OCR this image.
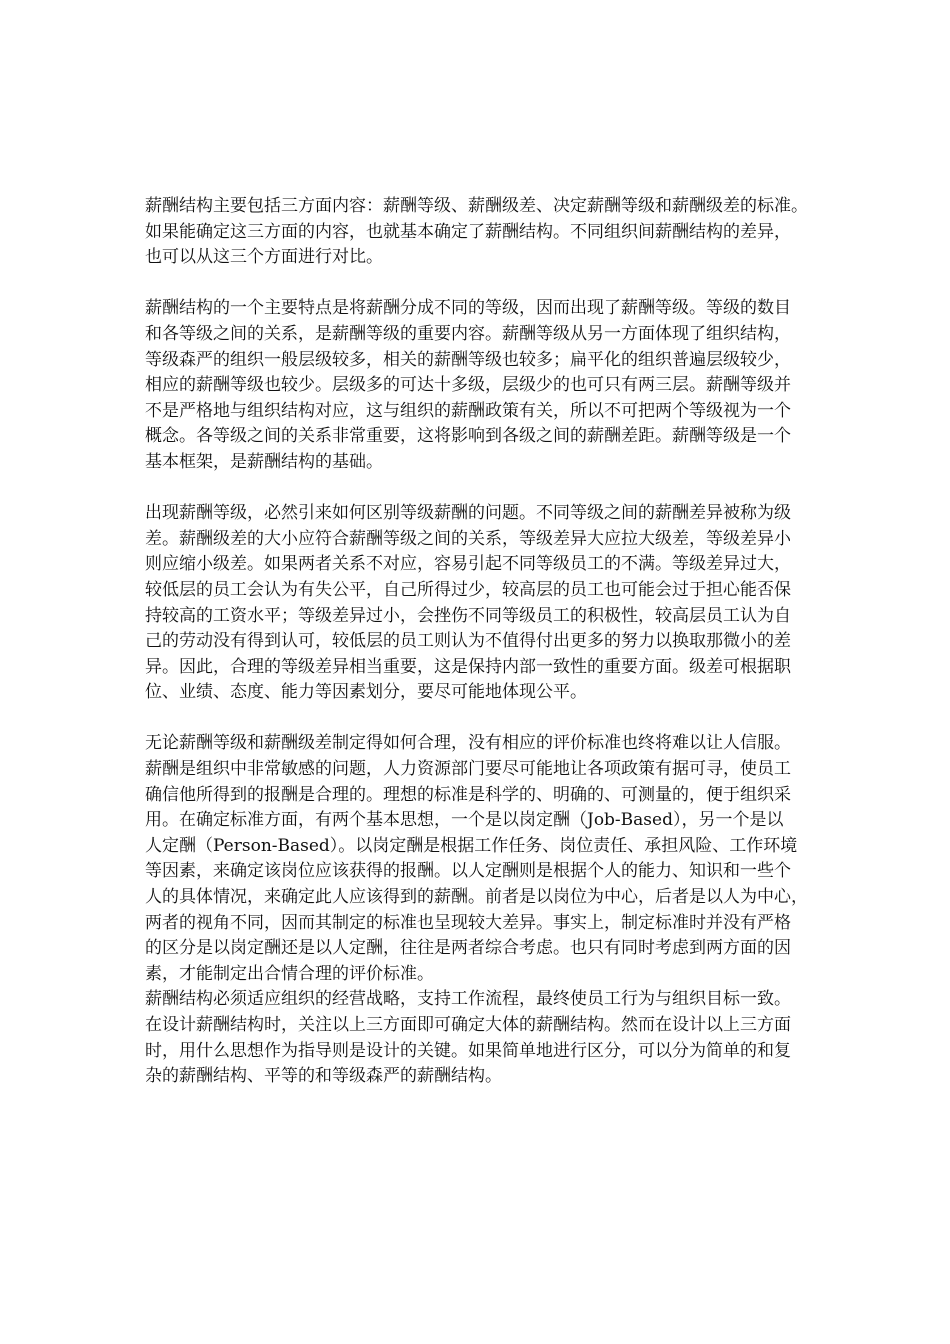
薪酬结构主要包括三方面内容：薪酬等级、薪酬级差、决定薪酬等级和薪酬级差的标准。
如果能确定这三方面的内容，也就基本确定了薪酬结构。不同组织间薪酬结构的差异，
也可以从这三个方面进行对比。
薪酬结构的一个主要特点是将薪酬分成不同的等级，因而出现了薪酬等级。等级的数目
和各等级之间的关系，是薪酬等级的重要内容。薪酬等级从另一方面体现了组织结构，
等级森严的组织一般层级较多，相关的薪酬等级也较多；扁平化的组织普遍层级较少，
相应的薪酬等级也较少。层级多的可达十多级，层级少的也可只有两三层。薪酬等级并
不是严格地与组织结构对应，这与组织的薪酬政策有关，所以不可把两个等级视为一个
概念。各等级之间的关系非常重要，这将影响到各级之间的薪酬差距。薪酬等级是一个
基本框架，是薪酬结构的基础。
出现薪酬等级，必然引来如何区别等级薪酬的问题。不同等级之间的薪酬差异被称为级
差。薪酬级差的大小应符合薪酬等级之间的关系，等级差异大应拉大级差，等级差异小
则应缩小级差。如果两者关系不对应，容易引起不同等级员工的不满。等级差异过大，
较低层的员工会认为有失公平，自己所得过少，较高层的员工也可能会过于担心能否保
持较高的工资水平；等级差异过小，会挫伤不同等级员工的积极性，较高层员工认为自
己的劳动没有得到认可，较低层的员工则认为不值得付出更多的努力以换取那微小的差
异。因此，合理的等级差异相当重要，这是保持内部一致性的重要方面。级差可根据职
位、业绩、态度、能力等因素划分，要尽可能地体现公平。
无论薪酬等级和薪酬级差制定得如何合理，没有相应的评价标准也终将难以让人信服。
薪酬是组织中非常敏感的问题，人力资源部门要尽可能地让各项政策有据可寻，使员工
确信他所得到的报酬是合理的。理想的标准是科学的、明确的、可测量的，便于组织采
用。在确定标准方面，有两个基本思想，一个是以岗定酬（Job-Based），另一个是以
人定酬（Person-Based）。以岗定酬是根据工作任务、岗位责任、承担风险、工作环境
等因素，来确定该岗位应该获得的报酬。以人定酬则是根据个人的能力、知识和一些个
人的具体情况，来确定此人应该得到的薪酬。前者是以岗位为中心，后者是以人为中心，
两者的视角不同，因而其制定的标准也呈现较大差异。事实上，制定标准时并没有严格
的区分是以岗定酬还是以人定酬，往往是两者综合考虑。也只有同时考虑到两方面的因
素，才能制定出合情合理的评价标准。
薪酬结构必须适应组织的经营战略，支持工作流程，最终使员工行为与组织目标一致。
在设计薪酬结构时，关注以上三方面即可确定大体的薪酬结构。然而在设计以上三方面
时，用什么思想作为指导则是设计的关键。如果简单地进行区分，可以分为简单的和复
杂的薪酬结构、平等的和等级森严的薪酬结构。
